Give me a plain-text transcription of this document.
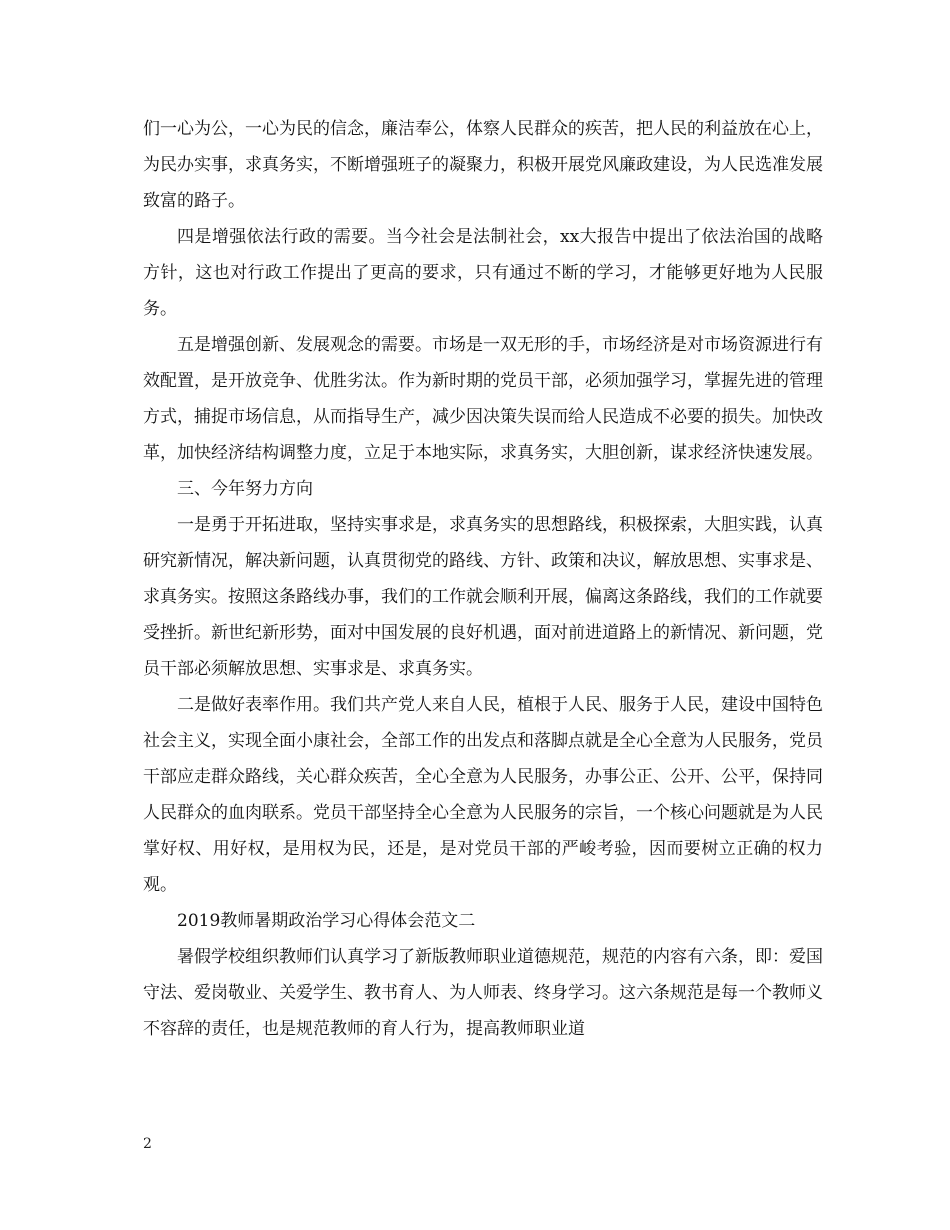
们一心为公，一心为民的信念，廉洁奉公，体察人民群众的疾苦，把人民的利益放在心上，为民办实事，求真务实，不断增强班子的凝聚力，积极开展党风廉政建设，为人民选准发展致富的路子。

四是增强依法行政的需要。当今社会是法制社会，xx大报告中提出了依法治国的战略方针，这也对行政工作提出了更高的要求，只有通过不断的学习，才能够更好地为人民服务。

五是增强创新、发展观念的需要。市场是一双无形的手，市场经济是对市场资源进行有效配置，是开放竞争、优胜劣汰。作为新时期的党员干部，必须加强学习，掌握先进的管理方式，捕捉市场信息，从而指导生产，减少因决策失误而给人民造成不必要的损失。加快改革，加快经济结构调整力度，立足于本地实际，求真务实，大胆创新，谋求经济快速发展。

三、今年努力方向

一是勇于开拓进取，坚持实事求是，求真务实的思想路线，积极探索，大胆实践，认真研究新情况，解决新问题，认真贯彻党的路线、方针、政策和决议，解放思想、实事求是、求真务实。按照这条路线办事，我们的工作就会顺利开展，偏离这条路线，我们的工作就要受挫折。新世纪新形势，面对中国发展的良好机遇，面对前进道路上的新情况、新问题，党员干部必须解放思想、实事求是、求真务实。

二是做好表率作用。我们共产党人来自人民，植根于人民、服务于人民，建设中国特色社会主义，实现全面小康社会，全部工作的出发点和落脚点就是全心全意为人民服务，党员干部应走群众路线，关心群众疾苦，全心全意为人民服务，办事公正、公开、公平，保持同人民群众的血肉联系。党员干部坚持全心全意为人民服务的宗旨，一个核心问题就是为人民掌好权、用好权，是用权为民，还是，是对党员干部的严峻考验，因而要树立正确的权力观。

2019教师暑期政治学习心得体会范文二

暑假学校组织教师们认真学习了新版教师职业道德规范，规范的内容有六条，即：爱国守法、爱岗敬业、关爱学生、教书育人、为人师表、终身学习。这六条规范是每一个教师义不容辞的责任，也是规范教师的育人行为，提高教师职业道

2
